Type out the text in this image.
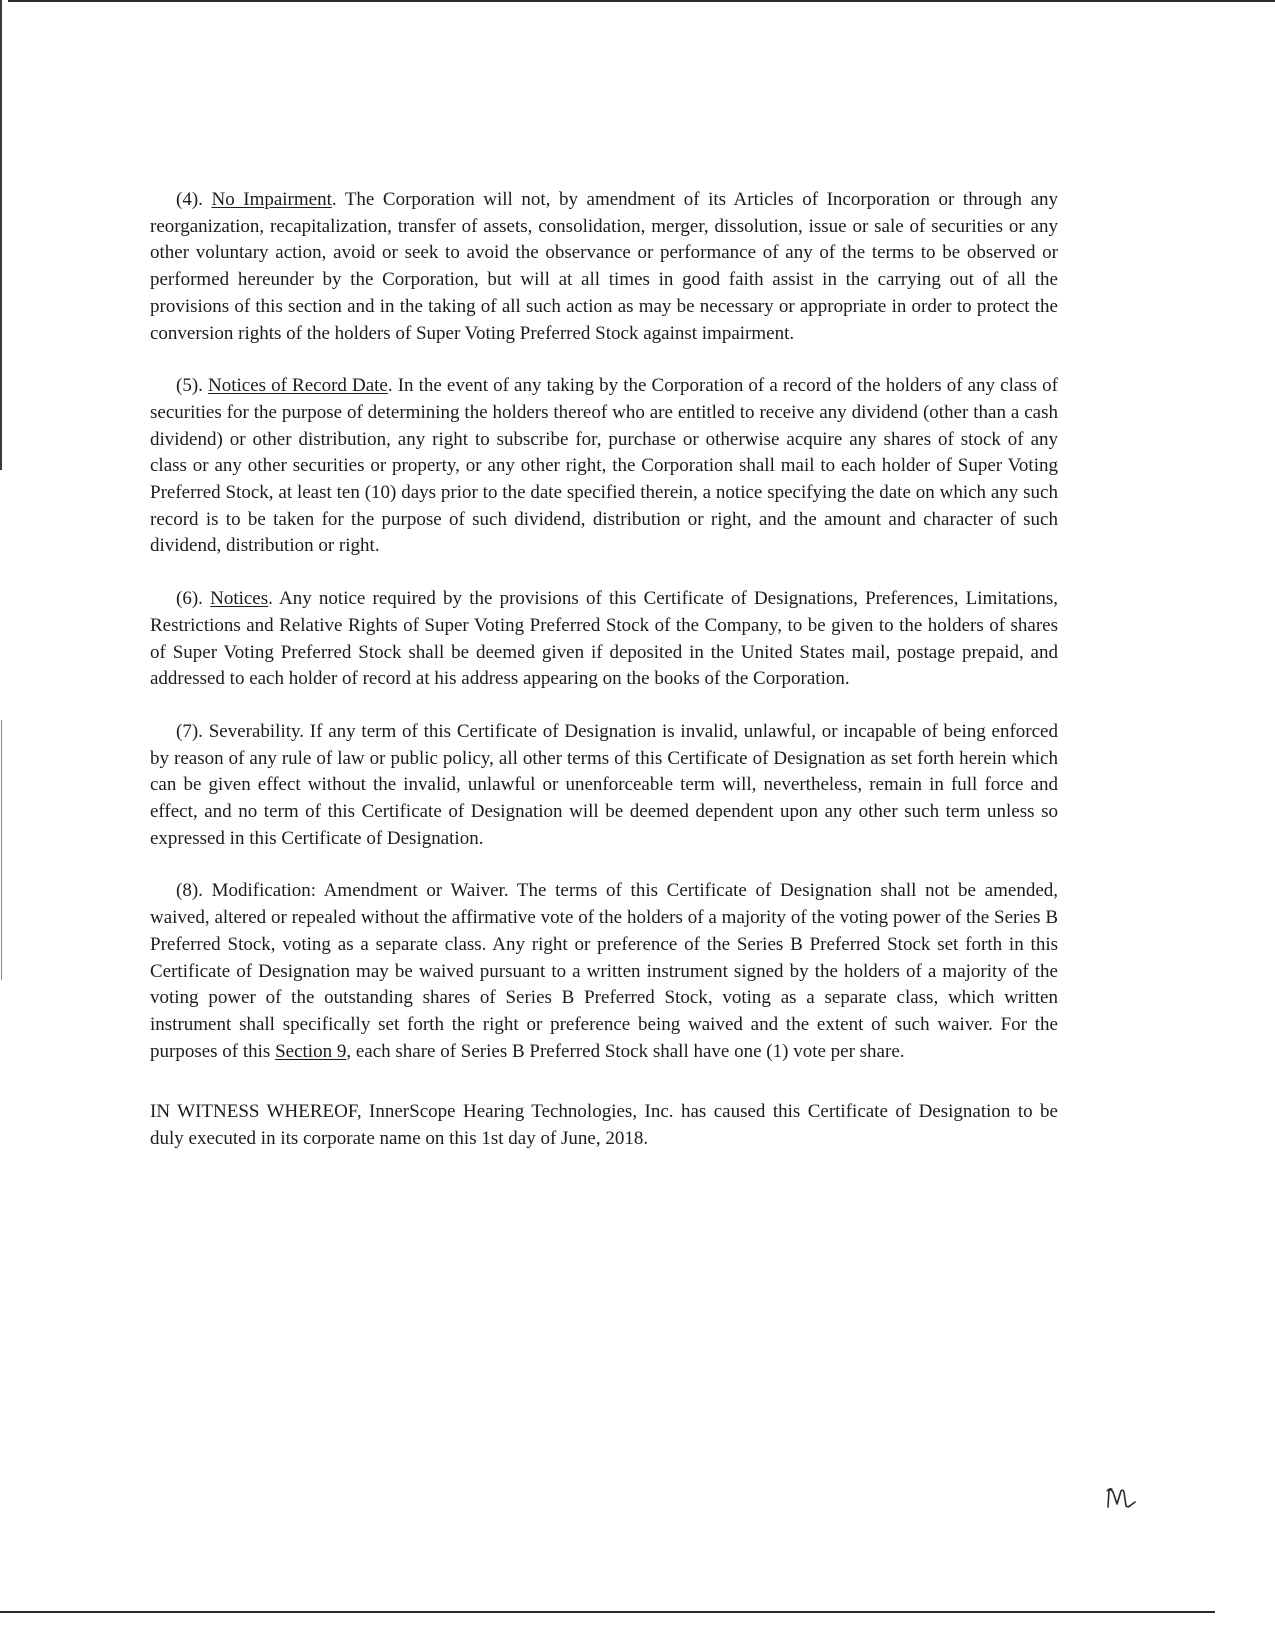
(4). No Impairment. The Corporation will not, by amendment of its Articles of Incorporation or through any reorganization, recapitalization, transfer of assets, consolidation, merger, dissolution, issue or sale of securities or any other voluntary action, avoid or seek to avoid the observance or performance of any of the terms to be observed or performed hereunder by the Corporation, but will at all times in good faith assist in the carrying out of all the provisions of this section and in the taking of all such action as may be necessary or appropriate in order to protect the conversion rights of the holders of Super Voting Preferred Stock against impairment.

(5). Notices of Record Date. In the event of any taking by the Corporation of a record of the holders of any class of securities for the purpose of determining the holders thereof who are entitled to receive any dividend (other than a cash dividend) or other distribution, any right to subscribe for, purchase or otherwise acquire any shares of stock of any class or any other securities or property, or any other right, the Corporation shall mail to each holder of Super Voting Preferred Stock, at least ten (10) days prior to the date specified therein, a notice specifying the date on which any such record is to be taken for the purpose of such dividend, distribution or right, and the amount and character of such dividend, distribution or right.

(6). Notices. Any notice required by the provisions of this Certificate of Designations, Preferences, Limitations, Restrictions and Relative Rights of Super Voting Preferred Stock of the Company, to be given to the holders of shares of Super Voting Preferred Stock shall be deemed given if deposited in the United States mail, postage prepaid, and addressed to each holder of record at his address appearing on the books of the Corporation.

(7). Severability. If any term of this Certificate of Designation is invalid, unlawful, or incapable of being enforced by reason of any rule of law or public policy, all other terms of this Certificate of Designation as set forth herein which can be given effect without the invalid, unlawful or unenforceable term will, nevertheless, remain in full force and effect, and no term of this Certificate of Designation will be deemed dependent upon any other such term unless so expressed in this Certificate of Designation.

(8). Modification: Amendment or Waiver. The terms of this Certificate of Designation shall not be amended, waived, altered or repealed without the affirmative vote of the holders of a majority of the voting power of the Series B Preferred Stock, voting as a separate class. Any right or preference of the Series B Preferred Stock set forth in this Certificate of Designation may be waived pursuant to a written instrument signed by the holders of a majority of the voting power of the outstanding shares of Series B Preferred Stock, voting as a separate class, which written instrument shall specifically set forth the right or preference being waived and the extent of such waiver. For the purposes of this Section 9, each share of Series B Preferred Stock shall have one (1) vote per share.

IN WITNESS WHEREOF, InnerScope Hearing Technologies, Inc. has caused this Certificate of Designation to be duly executed in its corporate name on this 1st day of June, 2018.
